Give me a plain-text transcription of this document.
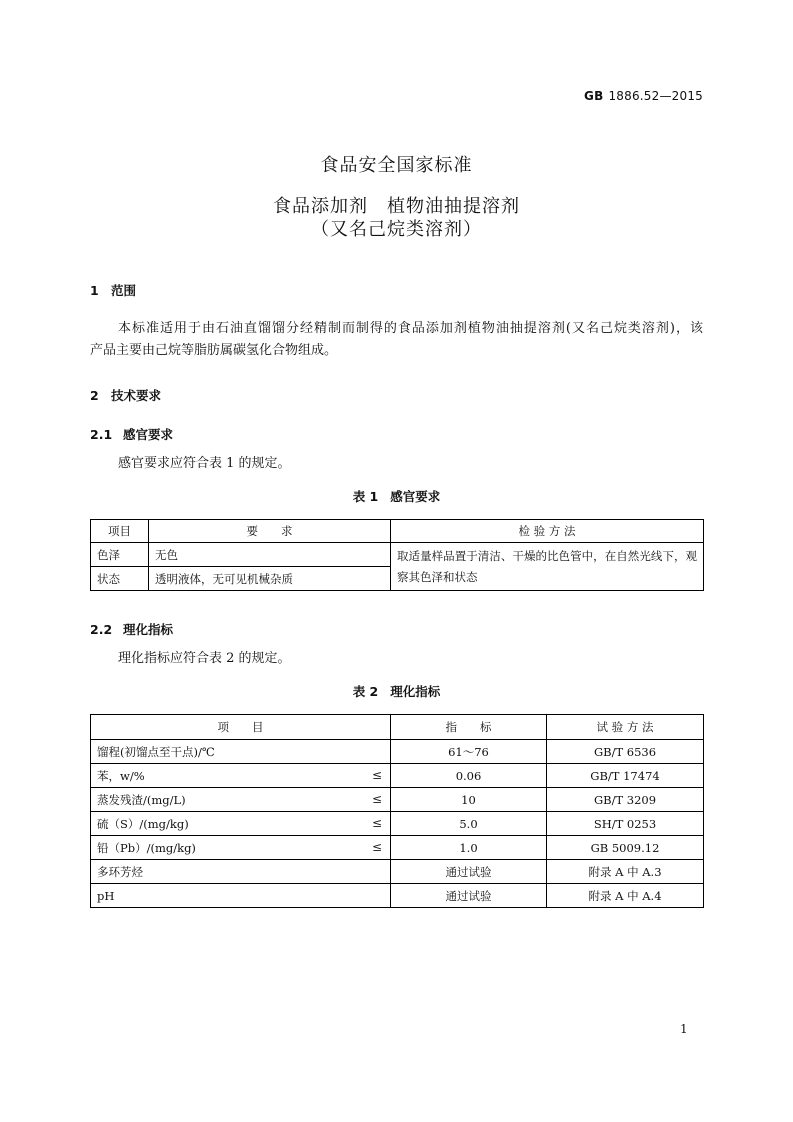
GB 1886.52—2015
食品安全国家标准
食品添加剂　植物油抽提溶剂
（又名己烷类溶剂）
1 范围
本标准适用于由石油直馏馏分经精制而制得的食品添加剂植物油抽提溶剂(又名己烷类溶剂)，该
产品主要由己烷等脂肪属碳氢化合物组成。
2 技术要求
2.1 感官要求
感官要求应符合表 1 的规定。
表 1 感官要求
项目	要　　求	检 验 方 法
色泽	无色	取适量样品置于清洁、干燥的比色管中，在自然光线下，观察其色泽和状态
状态	透明液体，无可见机械杂质	
2.2 理化指标
理化指标应符合表 2 的规定。
表 2 理化指标
项　　目	指　　标	试 验 方 法
馏程(初馏点至干点)/℃	61～76	GB/T 6536
苯，w/% ≤	0.06	GB/T 17474
蒸发残渣/(mg/L) ≤	10	GB/T 3209
硫（S）/(mg/kg) ≤	5.0	SH/T 0253
铅（Pb）/(mg/kg) ≤	1.0	GB 5009.12
多环芳烃	通过试验	附录 A 中 A.3
pH	通过试验	附录 A 中 A.4
1
